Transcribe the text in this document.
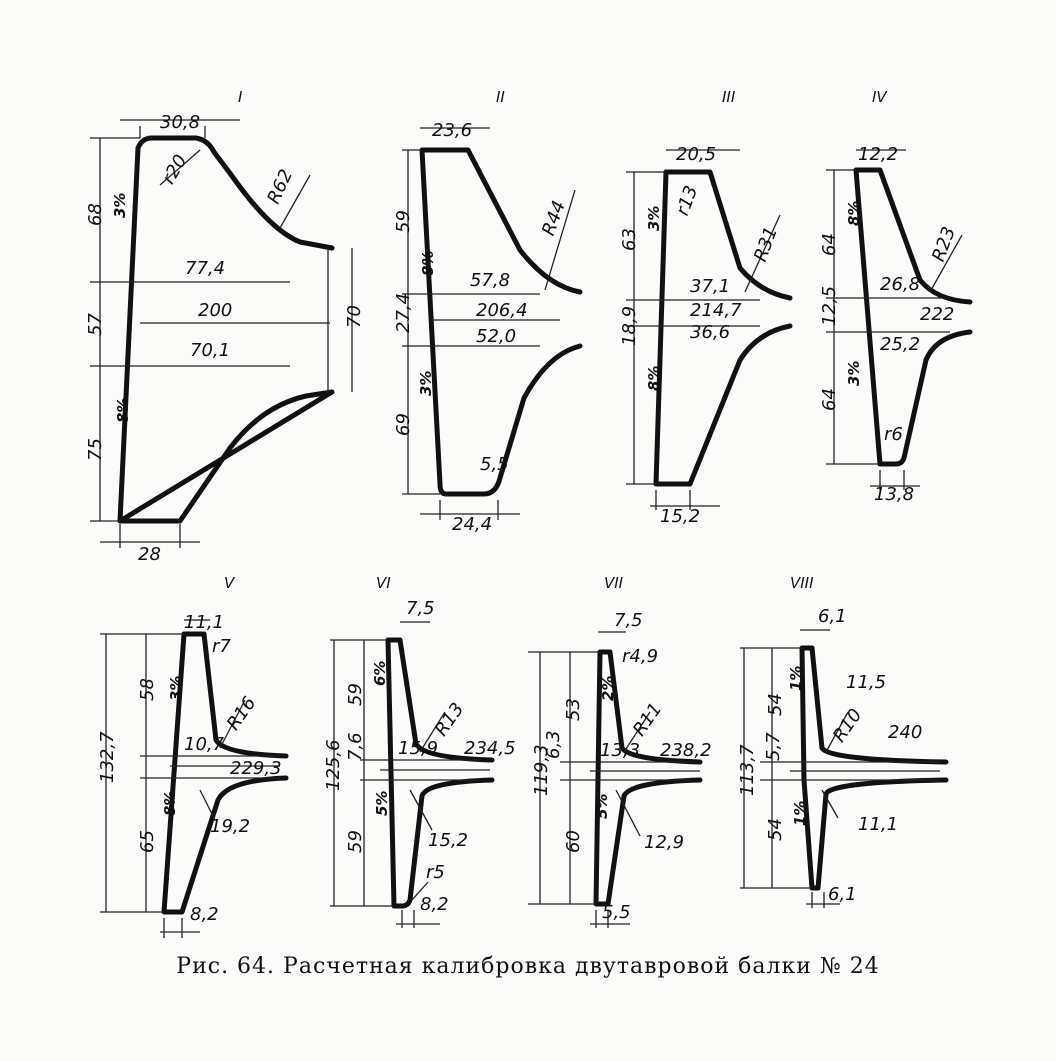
I
30,8
r20
3%	R62
77,4
200	70
70,1
8%
28
68
57
75
II
23,6
59
8%
R44
57,8
27,4	206,4
52,0
3%
69
5,5
24,4
III
20,5
3% r13
63	R31
37,1
18,9	214,7
36,6
8%
15,2
IV
12,2
8%
64	R23
26,8
12,5	222
25,2
3%
64
r6
13,8
V
11,1
r7
58 3%
R16
10,7
229,3
132,7
8%
19,2
65
8,2
VI
7,5
6%
59
R13
7,6 15,9 234,5
125,6
5%
15,2
59
r5
8,2
VII
7,5
r4,9
2%
53 R11
6,3 13,3 238,2
119,3
5%
12,9
60
5,5
VIII
6,1
1%
54
11,5
R10 240
113,7 5,7
1%	11,1
54
6,1
Рис. 64. Расчетная калибровка двутавровой балки № 24
